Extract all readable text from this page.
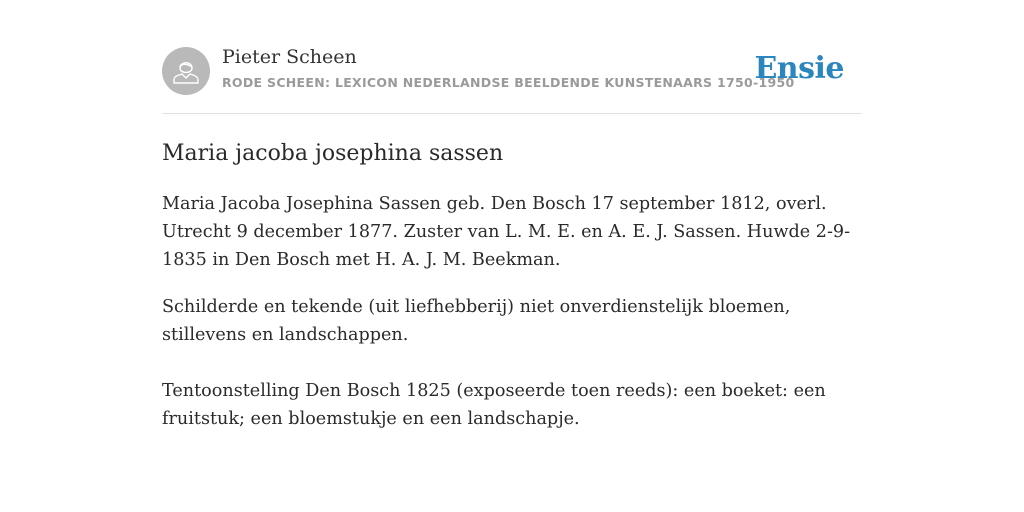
Pieter Scheen
RODE SCHEEN: LEXICON NEDERLANDSE BEELDENDE KUNSTENAARS 1750-1950
Ensie
Maria jacoba josephina sassen

Maria Jacoba Josephina Sassen geb. Den Bosch 17 september 1812, overl. Utrecht 9 december 1877. Zuster van L. M. E. en A. E. J. Sassen. Huwde 2-9-1835 in Den Bosch met H. A. J. M. Beekman.

Schilderde en tekende (uit liefhebberij) niet onverdienstelijk bloemen, stillevens en landschappen.

Tentoonstelling Den Bosch 1825 (exposeerde toen reeds): een boeket: een fruitstuk; een bloemstukje en een landschapje.
